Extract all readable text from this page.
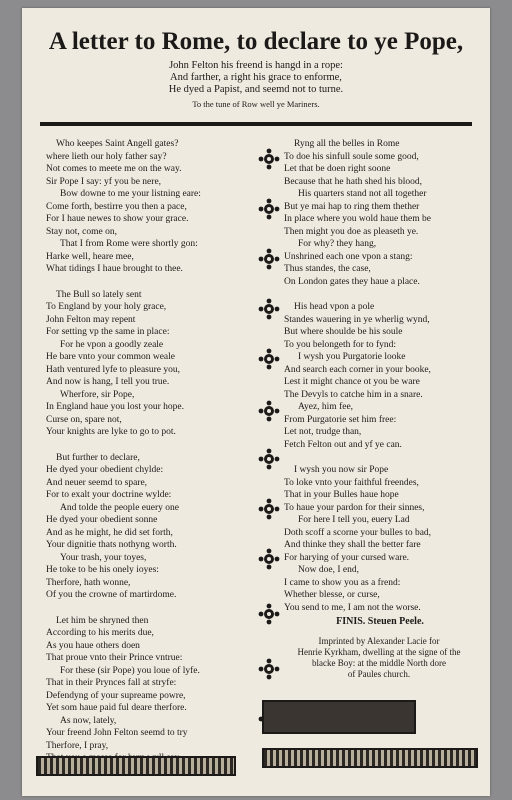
A letter to Rome, to declare to ye Pope,
John Felton his freend is hangd in a rope:
And farther, a right his grace to enforme,
He dyed a Papist, and seemd not to turne.
To the tune of Row well ye Mariners.
Who keepes Saint Angell gates?
where lieth our holy father say?
Not comes to meete me on the way.
Sir Pope I say: yf you be nere,
Bow downe to me your listning eare:
Come forth, bestirre you then a pace,
For I haue newes to show your grace.
Stay not, come on,
That I from Rome were shortly gon:
Harke well, heare mee,
What tidings I haue brought to thee.
The Bull so lately sent
To England by your holy grace,
John Felton may repent
For setting vp the same in place:
For he vpon a goodly zeale
He bare vnto your common weale
Hath ventured lyfe to pleasure you,
And now is hang, I tell you true.
Wherfore, sir Pope,
In England haue you lost your hope.
Curse on, spare not,
Your knights are lyke to go to pot.
But further to declare,
He dyed your obedient chylde:
And neuer seemd to spare,
For to exalt your doctrine wylde:
And tolde the people euery one
He dyed your obedient sonne
And as he might, he did set forth,
Your dignitie thats nothyng worth.
Your trash, your toyes,
He toke to be his onely ioyes:
Therfore, hath wonne,
Of you the crowne of martirdome.
Let him be shryned then
According to his merits due,
As you haue others doen
That proue vnto their Prince vntrue:
For these (sir Pope) you loue of lyfe.
That in their Prynces fall at stryfe:
Defendyng of your supreame powre,
Yet som haue paid ful deare therfore.
As now, lately,
Your freend John Felton seemd to try
Therfore, I pray,
Ryng all the belles in Rome
To doe his sinfull soule some good,
Let that be doen right soone
Because that he hath shed his blood,
His quarters stand not all together
But ye mai hap to ring them thether
In place where you wold haue them be
Then might you doe as pleaseth ye.
For why? they hang,
Unshrined each one vpon a stang:
Thus standes, the case,
On London gates they haue a place.
His head vpon a pole
Standes wauering in ye wherlig wynd,
But where shoulde be his soule
To you belongeth for to fynd:
I wysh you Purgatorie looke
And search each corner in your booke,
Lest it might chance ot you be ware
The Devyls to catche him in a snare.
Ayez, him fee,
From Purgatorie set him free:
Let not, trudge than,
Fetch Felton out and yf ye can.
I wysh you now sir Pope
To loke vnto your faithful freendes,
That in your Bulles haue hope
To haue your pardon for their sinnes,
For here I tell you, euery Lad
Doth scoff a scorne your bulles to bad,
And thinke they shall the better fare
For harying of your cursed ware.
Now doe, I end,
I came to show you as a frend:
Whether blesse, or curse,
You send to me, I am not the worse.
FINIS. Steuen Peele.
Imprinted by Alexander Lacie for
Henrie Kyrkham, dwelling at the signe of the
blacke Boy: at the middle North dore
of Paules church.
